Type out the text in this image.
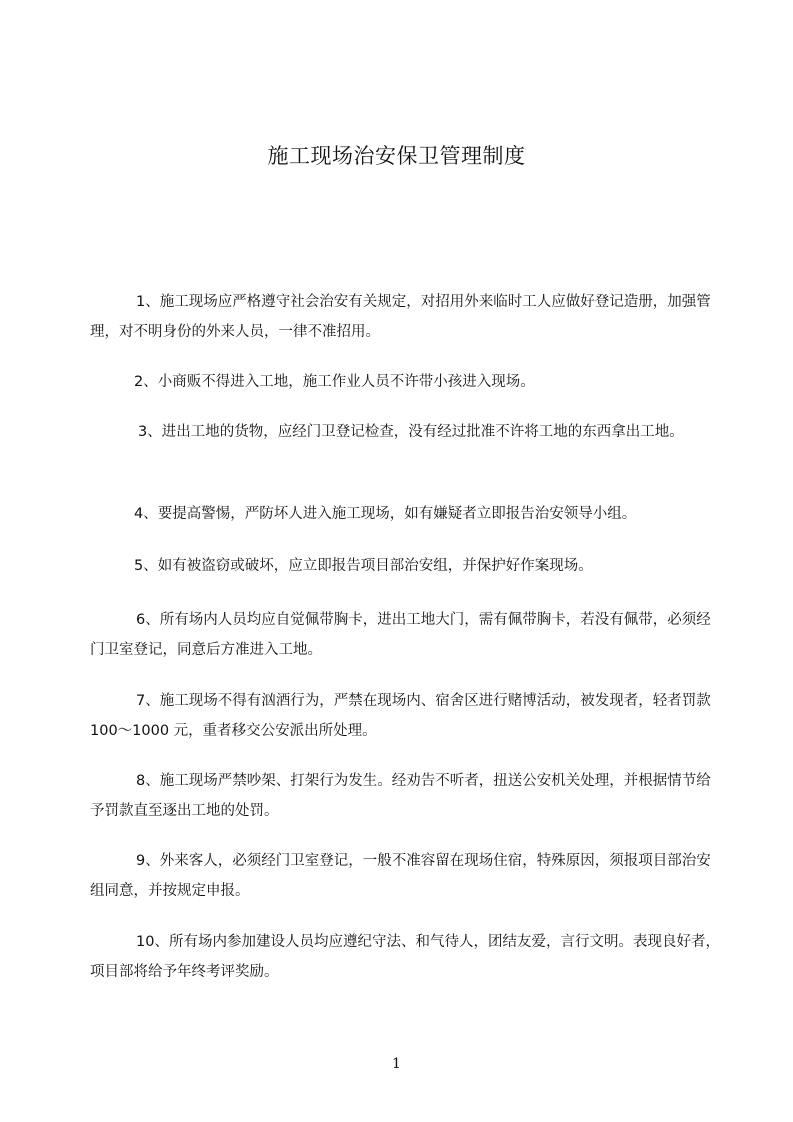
施工现场治安保卫管理制度
1、施工现场应严格遵守社会治安有关规定，对招用外来临时工人应做好登记造册，加强管理，对不明身份的外来人员，一律不准招用。
2、小商贩不得进入工地，施工作业人员不许带小孩进入现场。
3、进出工地的货物，应经门卫登记检查，没有经过批准不许将工地的东西拿出工地。
4、要提高警惕，严防坏人进入施工现场，如有嫌疑者立即报告治安领导小组。
5、如有被盗窃或破坏，应立即报告项目部治安组，并保护好作案现场。
6、所有场内人员均应自觉佩带胸卡，进出工地大门，需有佩带胸卡，若没有佩带，必须经门卫室登记，同意后方准进入工地。
7、施工现场不得有汹酒行为，严禁在现场内、宿舍区进行赌博活动，被发现者，轻者罚款 100～1000 元，重者移交公安派出所处理。
8、施工现场严禁吵架、打架行为发生。经劝告不听者，扭送公安机关处理，并根据情节给予罚款直至逐出工地的处罚。
9、外来客人，必须经门卫室登记，一般不准容留在现场住宿，特殊原因，须报项目部治安组同意，并按规定申报。
10、所有场内参加建设人员均应遵纪守法、和气待人，团结友爱，言行文明。表现良好者，项目部将给予年终考评奖励。
1
